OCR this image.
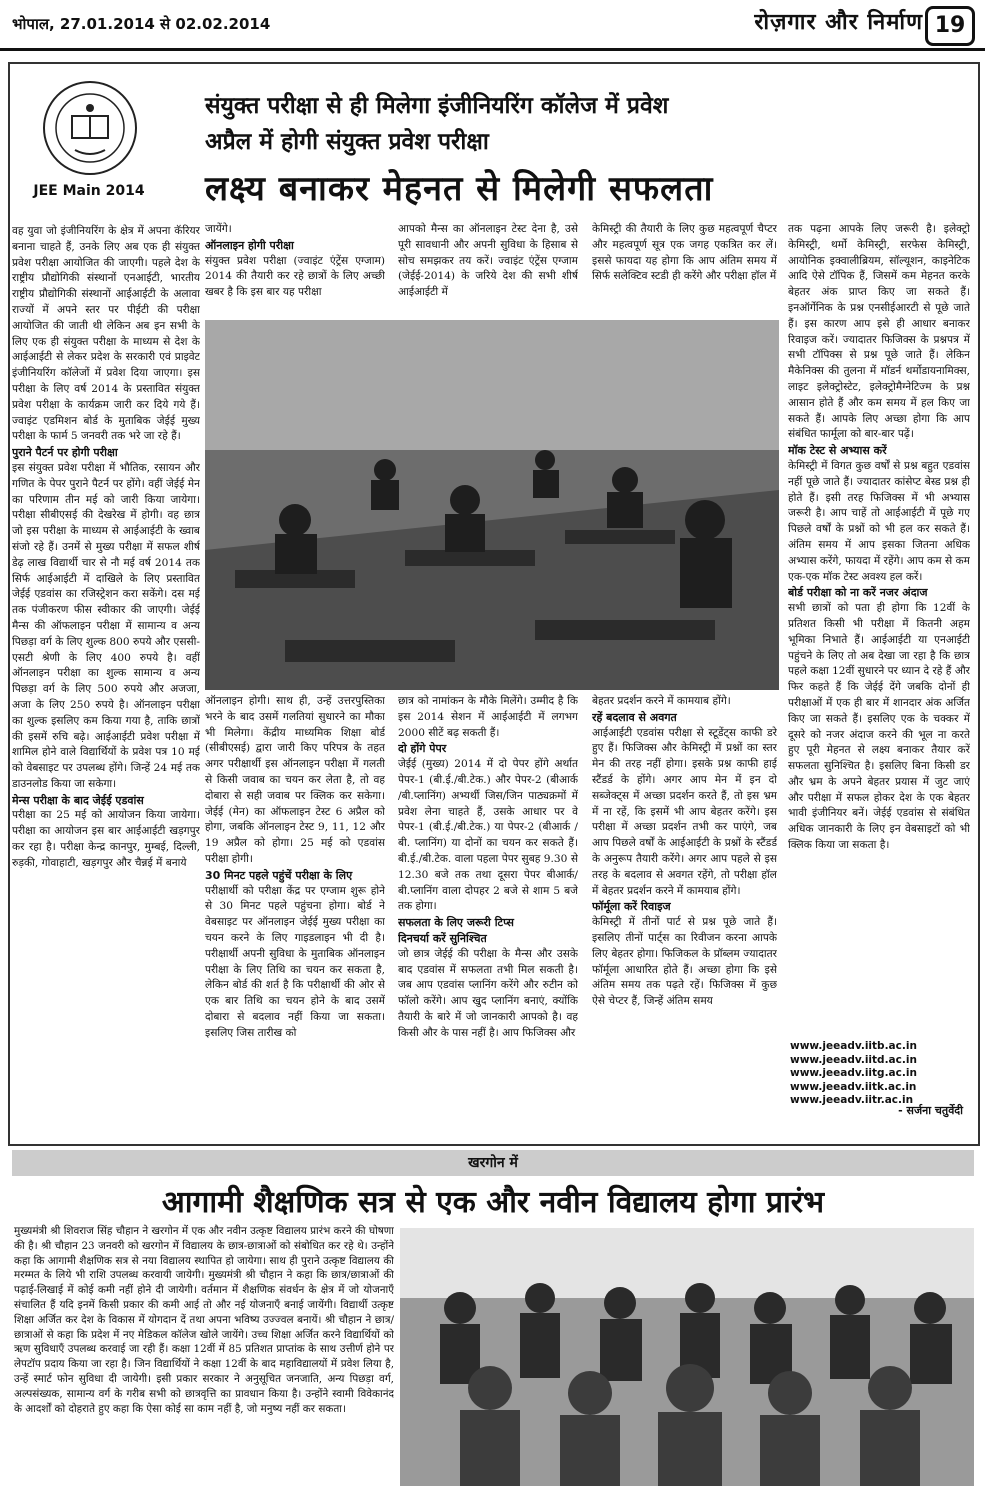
भोपाल, 27.01.2014 से 02.02.2014	रोज़गार और निर्माण 19
JEE Main 2014
संयुक्त परीक्षा से ही मिलेगा इंजीनियरिंग कॉलेज में प्रवेश
अप्रैल में होगी संयुक्त प्रवेश परीक्षा
लक्ष्य बनाकर मेहनत से मिलेगी सफलता

वह युवा जो इंजीनियरिंग के क्षेत्र में अपना कॅरियर बनाना चाहते हैं, उनके लिए अब एक ही संयुक्त प्रवेश परीक्षा आयोजित की जाएगी। पहले देश के राष्ट्रीय प्रौद्योगिकी संस्थानों एनआईटी, भारतीय राष्ट्रीय प्रौद्योगिकी संस्थानों आईआईटी के अलावा राज्यों में अपने स्तर पर पीईटी की परीक्षा आयोजित की जाती थी लेकिन अब इन सभी के लिए एक ही संयुक्त परीक्षा के माध्यम से देश के आईआईटी से लेकर प्रदेश के सरकारी एवं प्राइवेट इंजीनियरिंग कॉलेजों में प्रवेश दिया जाएगा। इस परीक्षा के लिए वर्ष 2014 के प्रस्तावित संयुक्त प्रवेश परीक्षा के कार्यक्रम जारी कर दिये गये हैं। ज्वाइंट एडमिशन बोर्ड के मुताबिक जेईई मुख्य परीक्षा के फार्म 5 जनवरी तक भरे जा रहे हैं।

पुराने पैटर्न पर होगी परीक्षा

इस संयुक्त प्रवेश परीक्षा में भौतिक, रसायन और गणित के पेपर पुराने पैटर्न पर होंगे। वहीं जेईई मेन का परिणाम तीन मई को जारी किया जायेगा। परीक्षा सीबीएसई की देखरेख में होगी। वह छात्र जो इस परीक्षा के माध्यम से आईआईटी के ख्वाब संजो रहे हैं। उनमें से मुख्य परीक्षा में सफल शीर्ष डेढ़ लाख विद्यार्थी चार से नौ मई वर्ष 2014 तक सिर्फ आईआईटी में दाखिले के लिए प्रस्तावित जेईई एडवांस का रजिस्ट्रेशन करा सकेंगे। दस मई तक पंजीकरण फीस स्वीकार की जाएगी। जेईई मैन्स की ऑफलाइन परीक्षा में सामान्य व अन्य पिछड़ा वर्ग के लिए शुल्क 800 रुपये और एससी-एसटी श्रेणी के लिए 400 रुपये है। वहीं ऑनलाइन परीक्षा का शुल्क सामान्य व अन्य पिछड़ा वर्ग के लिए 500 रुपये और अजजा, अजा के लिए 250 रुपये है। ऑनलाइन परीक्षा का शुल्क इसलिए कम किया गया है, ताकि छात्रों की इसमें रुचि बढ़े। आईआईटी प्रवेश परीक्षा में शामिल होने वाले विद्यार्थियों के प्रवेश पत्र 10 मई को वेबसाइट पर उपलब्ध होंगे। जिन्हें 24 मई तक डाउनलोड किया जा सकेगा।

मेन्स परीक्षा के बाद जेईई एडवांस

परीक्षा का 25 मई को आयोजन किया जायेगा। परीक्षा का आयोजन इस बार आईआईटी खड़गपुर कर रहा है। परीक्षा केन्द्र कानपुर, मुम्बई, दिल्ली, रुड़की, गोवाहाटी, खड़गपुर और चैन्नई में बनाये

जायेंगे।

ऑनलाइन होगी परीक्षा

संयुक्त प्रवेश परीक्षा (ज्वाइंट एंट्रेंस एग्जाम) 2014 की तैयारी कर रहे छात्रों के लिए अच्छी खबर है कि इस बार यह परीक्षा

आपको मैन्स का ऑनलाइन टेस्ट देना है, उसे पूरी सावधानी और अपनी सुविधा के हिसाब से सोच समझकर तय करें। ज्वाइंट एंट्रेंस एग्जाम (जेईई-2014) के जरिये देश की सभी शीर्ष आईआईटी में

केमिस्ट्री की तैयारी के लिए कुछ महत्वपूर्ण चैप्टर और महत्वपूर्ण सूत्र एक जगह एकत्रित कर लें। इससे फायदा यह होगा कि आप अंतिम समय में सिर्फ सलेक्टिव स्टडी ही करेंगे और परीक्षा हॉल में

ऑनलाइन होगी। साथ ही, उन्हें उत्तरपुस्तिका भरने के बाद उसमें गलतियां सुधारने का मौका भी मिलेगा। केंद्रीय माध्यमिक शिक्षा बोर्ड (सीबीएसई) द्वारा जारी किए परिपत्र के तहत अगर परीक्षार्थी इस ऑनलाइन परीक्षा में गलती से किसी जवाब का चयन कर लेता है, तो वह दोबारा से सही जवाब पर क्लिक कर सकेगा। जेईई (मेन) का ऑफलाइन टेस्ट 6 अप्रैल को होगा, जबकि ऑनलाइन टेस्ट 9, 11, 12 और 19 अप्रैल को होगा। 25 मई को एडवांस परीक्षा होगी।

30 मिनट पहले पहुंचें परीक्षा के लिए

परीक्षार्थी को परीक्षा केंद्र पर एग्जाम शुरू होने से 30 मिनट पहले पहुंचना होगा। बोर्ड ने वेबसाइट पर ऑनलाइन जेईई मुख्य परीक्षा का चयन करने के लिए गाइडलाइन भी दी है। परीक्षार्थी अपनी सुविधा के मुताबिक ऑनलाइन परीक्षा के लिए तिथि का चयन कर सकता है, लेकिन बोर्ड की शर्त है कि परीक्षार्थी की ओर से एक बार तिथि का चयन होने के बाद उसमें दोबारा से बदलाव नहीं किया जा सकता। इसलिए जिस तारीख को

छात्र को नामांकन के मौके मिलेंगे। उम्मीद है कि इस 2014 सेशन में आईआईटी में लगभग 2000 सीटें बढ़ सकती हैं।

दो होंगे पेपर

जेईई (मुख्य) 2014 में दो पेपर होंगे अर्थात पेपर-1 (बी.ई./बी.टेक.) और पेपर-2 (बीआर्क /बी.प्लानिंग) अभ्यर्थी जिस/जिन पाठ्यक्रमों में प्रवेश लेना चाहते हैं, उसके आधार पर वे पेपर-1 (बी.ई./बी.टेक.) या पेपर-2 (बीआर्क /बी. प्लानिंग) या दोनों का चयन कर सकते हैं। बी.ई./बी.टेक. वाला पहला पेपर सुबह 9.30 से 12.30 बजे तक तथा दूसरा पेपर बीआर्क/बी.प्लानिंग वाला दोपहर 2 बजे से शाम 5 बजे तक होगा।

सफलता के लिए जरूरी टिप्स

दिनचर्या करें सुनिश्चित

जो छात्र जेईई की परीक्षा के मैन्स और उसके बाद एडवांस में सफलता तभी मिल सकती है। जब आप एडवांस प्लानिंग करेंगे और रुटीन को फॉलो करेंगे। आप खुद प्लानिंग बनाएं, क्योंकि तैयारी के बारे में जो जानकारी आपको है। वह किसी और के पास नहीं है। आप फिजिक्स और

बेहतर प्रदर्शन करने में कामयाब होंगे।

रहें बदलाव से अवगत

आईआईटी एडवांस परीक्षा से स्टूडेंट्स काफी डरे हुए हैं। फिजिक्स और केमिस्ट्री में प्रश्नों का स्तर मेन की तरह नहीं होगा। इसके प्रश्न काफी हाई स्टैंडर्ड के होंगे। अगर आप मेन में इन दो सब्जेक्ट्स में अच्छा प्रदर्शन करते हैं, तो इस भ्रम में ना रहें, कि इसमें भी आप बेहतर करेंगे। इस परीक्षा में अच्छा प्रदर्शन तभी कर पाएंगे, जब आप पिछले वर्षों के आईआईटी के प्रश्नों के स्टैंडर्ड के अनुरूप तैयारी करेंगे। अगर आप पहले से इस तरह के बदलाव से अवगत रहेंगे, तो परीक्षा हॉल में बेहतर प्रदर्शन करने में कामयाब होंगे।

फॉर्मूला करें रिवाइज

केमिस्ट्री में तीनों पार्ट से प्रश्न पूछे जाते हैं। इसलिए तीनों पार्ट्स का रिवीजन करना आपके लिए बेहतर होगा। फिजिकल के प्रॉब्लम ज्यादातर फॉर्मूला आधारित होते हैं। अच्छा होगा कि इसे अंतिम समय तक पढ़ते रहें। फिजिक्स में कुछ ऐसे चेप्टर हैं, जिन्हें अंतिम समय

तक पढ़ना आपके लिए जरूरी है। इलेक्ट्रो केमिस्ट्री, थर्मो केमिस्ट्री, सरफेस केमिस्ट्री, आयोनिक इक्वालीब्रियम, सॉल्यूशन, काइनेटिक आदि ऐसे टॉपिक हैं, जिसमें कम मेहनत करके बेहतर अंक प्राप्त किए जा सकते हैं। इनऑर्गेनिक के प्रश्न एनसीईआरटी से पूछे जाते हैं। इस कारण आप इसे ही आधार बनाकर रिवाइज करें। ज्यादातर फिजिक्स के प्रश्नपत्र में सभी टॉपिक्स से प्रश्न पूछे जाते हैं। लेकिन मैकेनिक्स की तुलना में मॉडर्न थर्मोडायनामिक्स, लाइट इलेक्ट्रोस्टेट, इलेक्ट्रोमैग्नेटिज्म के प्रश्न आसान होते हैं और कम समय में हल किए जा सकते हैं। आपके लिए अच्छा होगा कि आप संबंधित फार्मूला को बार-बार पढ़ें।

मॉक टेस्ट से अभ्यास करें

केमिस्ट्री में विगत कुछ वर्षों से प्रश्न बहुत एडवांस नहीं पूछे जाते हैं। ज्यादातर कांसेप्ट बेस्ड प्रश्न ही होते हैं। इसी तरह फिजिक्स में भी अभ्यास जरूरी है। आप चाहें तो आईआईटी में पूछे गए पिछले वर्षों के प्रश्नों को भी हल कर सकते हैं। अंतिम समय में आप इसका जितना अधिक अभ्यास करेंगे, फायदा में रहेंगे। आप कम से कम एक-एक मॉक टेस्ट अवश्य हल करें।

बोर्ड परीक्षा को ना करें नजर अंदाज

सभी छात्रों को पता ही होगा कि 12वीं के प्रतिशत किसी भी परीक्षा में कितनी अहम भूमिका निभाते हैं। आईआईटी या एनआईटी पहुंचने के लिए तो अब देखा जा रहा है कि छात्र पहले कक्षा 12वीं सुधारने पर ध्यान दे रहे हैं और फिर कहते हैं कि जेईई देंगे जबकि दोनों ही परीक्षाओं में एक ही बार में शानदार अंक अर्जित किए जा सकते हैं। इसलिए एक के चक्कर में दूसरे को नजर अंदाज करने की भूल ना करते हुए पूरी मेहनत से लक्ष्य बनाकर तैयार करें सफलता सुनिश्चित है। इसलिए बिना किसी डर और भ्रम के अपने बेहतर प्रयास में जुट जाएं और परीक्षा में सफल होकर देश के एक बेहतर भावी इंजीनियर बनें। जेईई एडवांस से संबंधित अधिक जानकारी के लिए इन वेबसाइटों को भी क्लिक किया जा सकता है।

www.jeeadv.iitb.ac.in
www.jeeadv.iitd.ac.in
www.jeeadv.iitg.ac.in
www.jeeadv.iitk.ac.in
www.jeeadv.iitr.ac.in
- सर्जना चतुर्वेदी
खरगोन में
आगामी शैक्षणिक सत्र से एक और नवीन विद्यालय होगा प्रारंभ

मुख्यमंत्री श्री शिवराज सिंह चौहान ने खरगोन में एक और नवीन उत्कृष्ट विद्यालय प्रारंभ करने की घोषणा की है। श्री चौहान 23 जनवरी को खरगोन में विद्यालय के छात्र-छात्राओं को संबोधित कर रहे थे। उन्होंने कहा कि आगामी शैक्षणिक सत्र से नया विद्यालय स्थापित हो जायेगा। साथ ही पुराने उत्कृष्ट विद्यालय की मरम्मत के लिये भी राशि उपलब्ध करवायी जायेगी। मुख्यमंत्री श्री चौहान ने कहा कि छात्र/छात्राओं की पढ़ाई-लिखाई में कोई कमी नहीं होने दी जायेगी। वर्तमान में शैक्षणिक संवर्धन के क्षेत्र में जो योजनाएँ संचालित हैं यदि इनमें किसी प्रकार की कमी आई तो और नई योजनाएँ बनाई जायेंगी। विद्यार्थी उत्कृष्ट शिक्षा अर्जित कर देश के विकास में योगदान दें तथा अपना भविष्य उज्ज्वल बनायें। श्री चौहान ने छात्र/छात्राओं से कहा कि प्रदेश में नए मेडिकल कॉलेज खोले जायेंगे। उच्च शिक्षा अर्जित करने विद्यार्थियों को ऋण सुविधाएँ उपलब्ध करवाई जा रही हैं। कक्षा 12वीं में 85 प्रतिशत प्राप्तांक के साथ उत्तीर्ण होने पर लेपटॉप प्रदाय किया जा रहा है। जिन विद्यार्थियों ने कक्षा 12वीं के बाद महाविद्यालयों में प्रवेश लिया है, उन्हें स्मार्ट फोन सुविधा दी जायेगी। इसी प्रकार सरकार ने अनुसूचित जनजाति, अन्य पिछड़ा वर्ग, अल्पसंख्यक, सामान्य वर्ग के गरीब सभी को छात्रवृत्ति का प्रावधान किया है। उन्होंने स्वामी विवेकानंद के आदर्शों को दोहराते हुए कहा कि ऐसा कोई सा काम नहीं है, जो मनुष्य नहीं कर सकता।
